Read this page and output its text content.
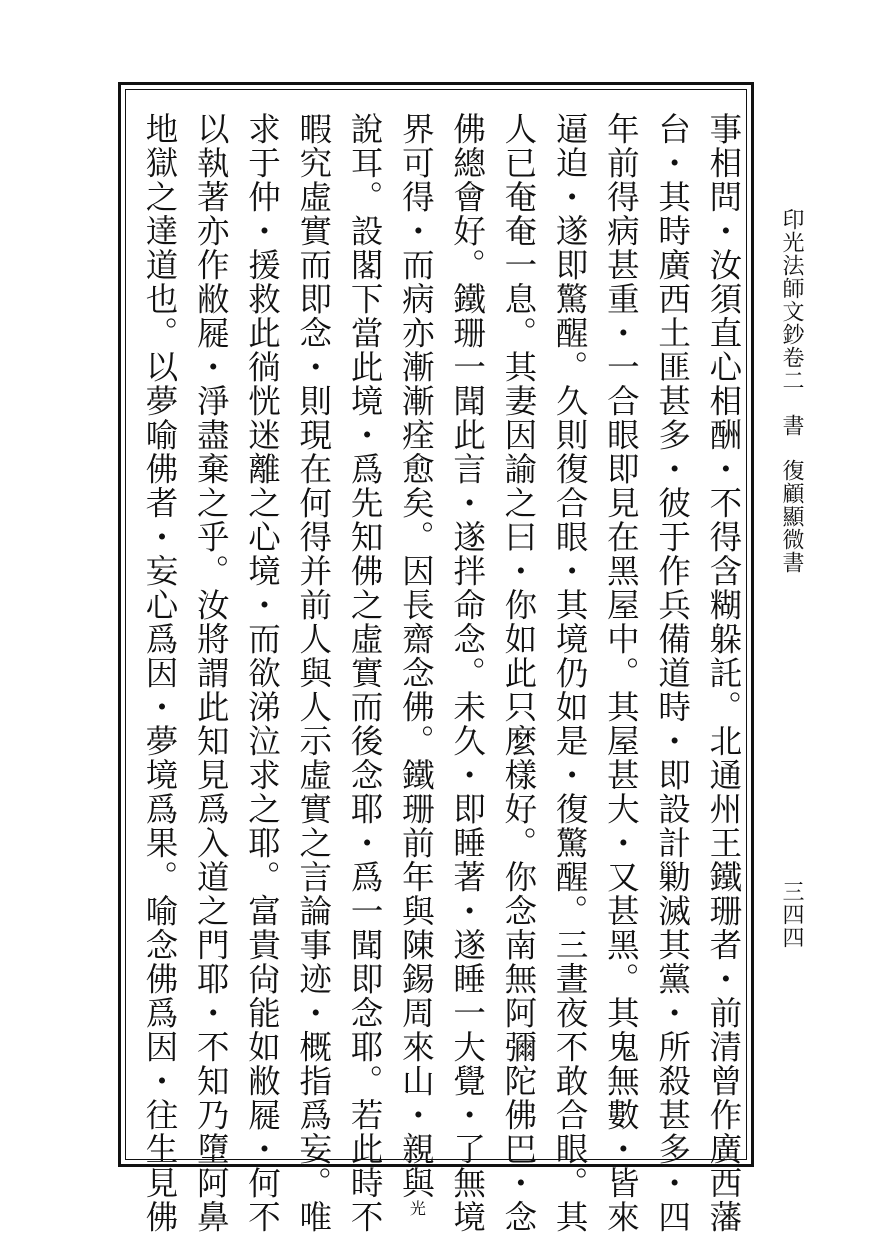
印光法師文鈔卷二書復顧顯微書
三四四
事相問・汝須直心相酬・不得含糊躲託。北通州王鐵珊者・前清曾作廣西藩
台・其時廣西土匪甚多・彼于作兵備道時・即設計勦滅其黨・所殺甚多・四
年前得病甚重・一合眼即見在黑屋中。其屋甚大・又甚黑。其鬼無數・皆來
逼迫・遂即驚醒。久則復合眼・其境仍如是・復驚醒。三晝夜不敢合眼。其
人已奄奄一息。其妻因諭之曰・你如此只麼樣好。你念南無阿彌陀佛巴・念
佛總會好。鐵珊一聞此言・遂拌命念。未久・即睡著・遂睡一大覺・了無境
界可得・而病亦漸漸痊愈矣。因長齋念佛。鐵珊前年與陳錫周來山・親與光
說耳。設閣下當此境・爲先知佛之虛實而後念耶・爲一聞即念耶。若此時不
暇究虛實而即念・則現在何得并前人與人示虛實之言論事迹・概指爲妄。唯
求于仲・援救此徜恍迷離之心境・而欲涕泣求之耶。富貴尙能如敝屣・何不
以執著亦作敝屣・淨盡棄之乎。汝將謂此知見爲入道之門耶・不知乃墮阿鼻
地獄之達道也。以夢喻佛者・妄心爲因・夢境爲果。喻念佛爲因・往生見佛
